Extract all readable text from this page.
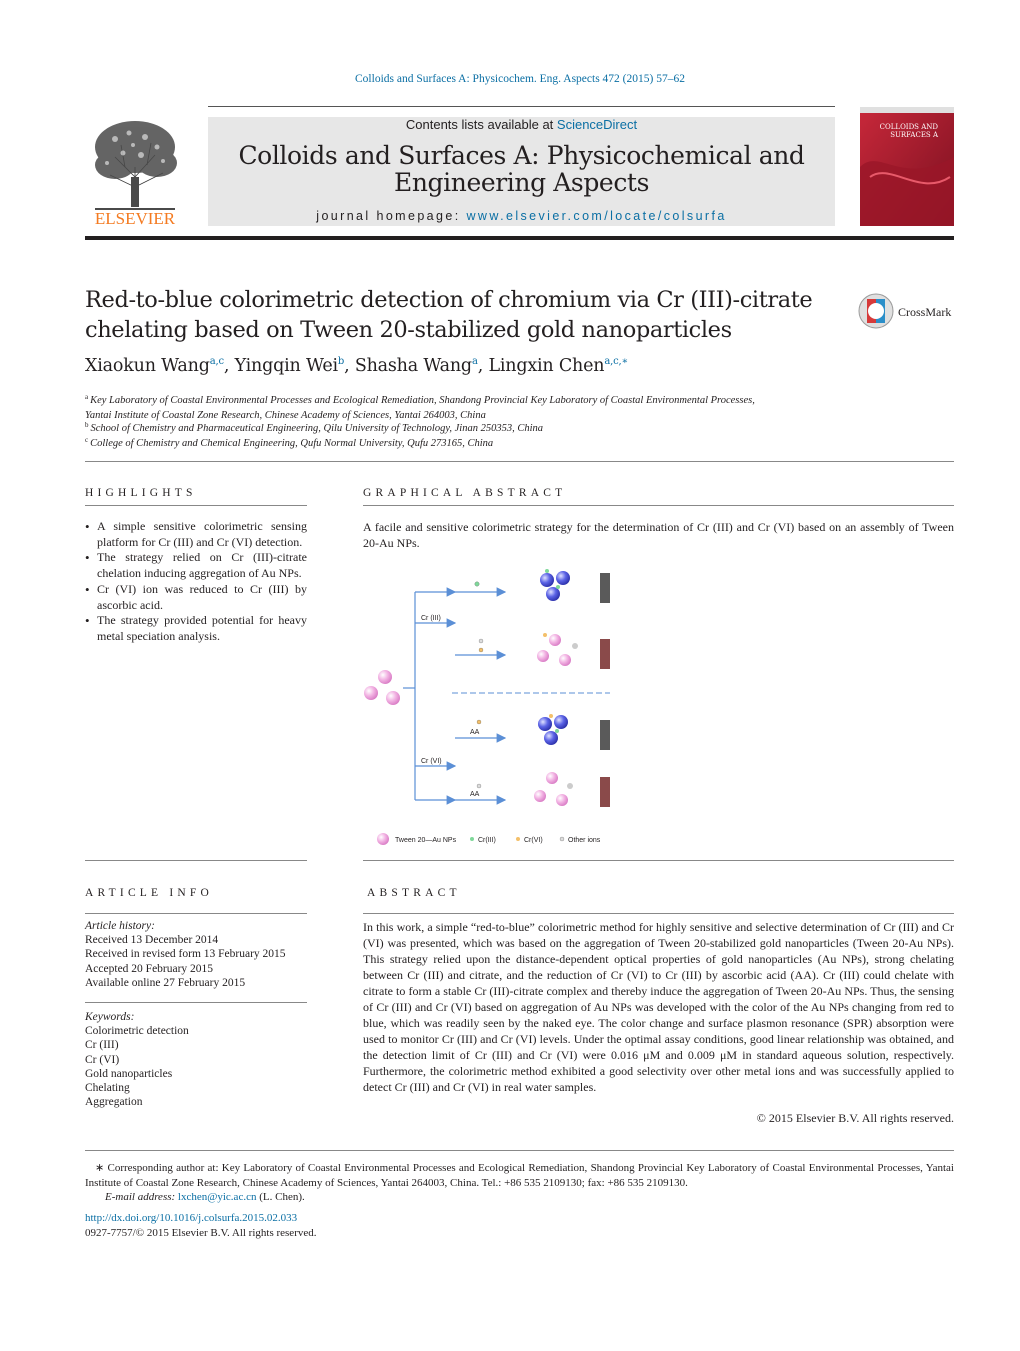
Colloids and Surfaces A: Physicochem. Eng. Aspects 472 (2015) 57–62
ELSEVIER
Contents lists available at ScienceDirect
Colloids and Surfaces A: Physicochemical and
Engineering Aspects
journal homepage: www.elsevier.com/locate/colsurfa
COLLOIDS AND
SURFACES A
Red-to-blue colorimetric detection of chromium via Cr (III)-citrate
chelating based on Tween 20-stabilized gold nanoparticles
CrossMark
Xiaokun Wang$^{a,c}$, Yingqin Wei$^b$, Shasha Wang$^a$, Lingxin Chen$^{a,c,∗}$
$^a$ Key Laboratory of Coastal Environmental Processes and Ecological Remediation, Shandong Provincial Key Laboratory of Coastal Environmental Processes,
Yantai Institute of Coastal Zone Research, Chinese Academy of Sciences, Yantai 264003, China
$^b$ School of Chemistry and Pharmaceutical Engineering, Qilu University of Technology, Jinan 250353, China
$^c$ College of Chemistry and Chemical Engineering, Qufu Normal University, Qufu 273165, China
HIGHLIGHTS
• A simple sensitive colorimetric sensing platform for Cr (III) and Cr (VI) detection.
• The strategy relied on Cr (III)-citrate chelation inducing aggregation of Au NPs.
• Cr (VI) ion was reduced to Cr (III) by ascorbic acid.
• The strategy provided potential for heavy metal speciation analysis.
GRAPHICAL ABSTRACT
A facile and sensitive colorimetric strategy for the determination of Cr (III) and Cr (VI) based on an assembly of Tween 20-Au NPs.
Cr (III)
Cr (VI)
AA
AA
Tween 20—Au NPs	Cr(III)	Cr(VI)	Other ions
ARTICLE INFO
Article history:
Received 13 December 2014
Received in revised form 13 February 2015
Accepted 20 February 2015
Available online 27 February 2015
Keywords:
Colorimetric detection
Cr (III)
Cr (VI)
Gold nanoparticles
Chelating
Aggregation
ABSTRACT
In this work, a simple “red-to-blue” colorimetric method for highly sensitive and selective determination of Cr (III) and Cr (VI) was presented, which was based on the aggregation of Tween 20-stabilized gold nanoparticles (Tween 20-Au NPs). This strategy relied upon the distance-dependent optical properties of gold nanoparticles (Au NPs), strong chelating between Cr (III) and citrate, and the reduction of Cr (VI) to Cr (III) by ascorbic acid (AA). Cr (III) could chelate with citrate to form a stable Cr (III)-citrate complex and thereby induce the aggregation of Tween 20-Au NPs. Thus, the sensing of Cr (III) and Cr (VI) based on aggregation of Au NPs was developed with the color of the Au NPs changing from red to blue, which was readily seen by the naked eye. The color change and surface plasmon resonance (SPR) absorption were used to monitor Cr (III) and Cr (VI) levels. Under the optimal assay conditions, good linear relationship was obtained, and the detection limit of Cr (III) and Cr (VI) were 0.016 μM and 0.009 μM in standard aqueous solution, respectively. Furthermore, the colorimetric method exhibited a good selectivity over other metal ions and was successfully applied to detect Cr (III) and Cr (VI) in real water samples.
© 2015 Elsevier B.V. All rights reserved.
∗ Corresponding author at: Key Laboratory of Coastal Environmental Processes and Ecological Remediation, Shandong Provincial Key Laboratory of Coastal Environmental Processes, Yantai Institute of Coastal Zone Research, Chinese Academy of Sciences, Yantai 264003, China. Tel.: +86 535 2109130; fax: +86 535 2109130.
E-mail address: lxchen@yic.ac.cn (L. Chen).
http://dx.doi.org/10.1016/j.colsurfa.2015.02.033
0927-7757/© 2015 Elsevier B.V. All rights reserved.
